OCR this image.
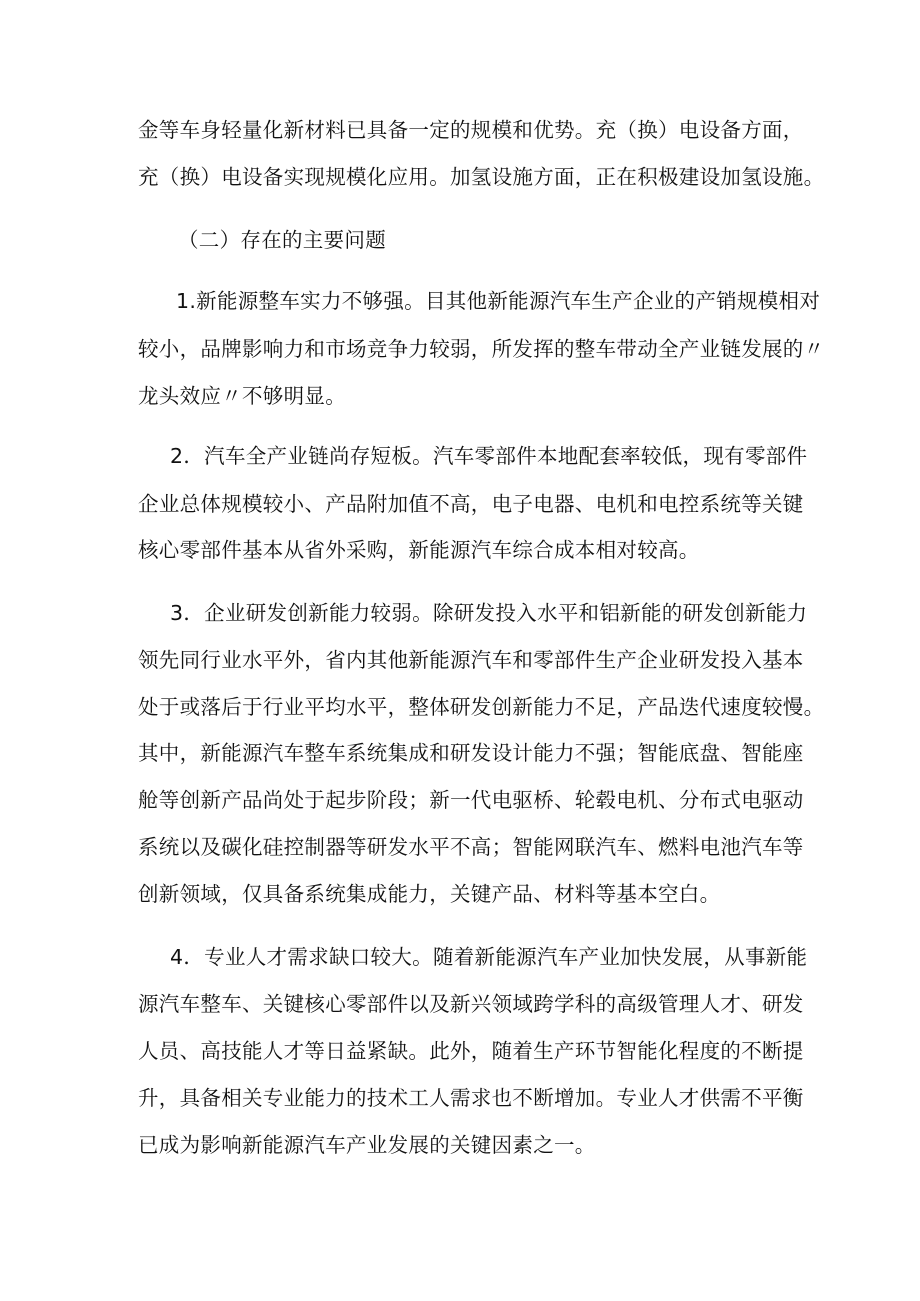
金等车身轻量化新材料已具备一定的规模和优势。充（换）电设备方面，
充（换）电设备实现规模化应用。加氢设施方面，正在积极建设加氢设施。
（二）存在的主要问题
1.新能源整车实力不够强。目其他新能源汽车生产企业的产销规模相对
较小，品牌影响力和市场竞争力较弱，所发挥的整车带动全产业链发展的〃
龙头效应〃不够明显。
2．汽车全产业链尚存短板。汽车零部件本地配套率较低，现有零部件
企业总体规模较小、产品附加值不高，电子电器、电机和电控系统等关键
核心零部件基本从省外采购，新能源汽车综合成本相对较高。
3．企业研发创新能力较弱。除研发投入水平和铝新能的研发创新能力
领先同行业水平外，省内其他新能源汽车和零部件生产企业研发投入基本
处于或落后于行业平均水平，整体研发创新能力不足，产品迭代速度较慢。
其中，新能源汽车整车系统集成和研发设计能力不强；智能底盘、智能座
舱等创新产品尚处于起步阶段；新一代电驱桥、轮毂电机、分布式电驱动
系统以及碳化硅控制器等研发水平不高；智能网联汽车、燃料电池汽车等
创新领域，仅具备系统集成能力，关键产品、材料等基本空白。
4．专业人才需求缺口较大。随着新能源汽车产业加快发展，从事新能
源汽车整车、关键核心零部件以及新兴领域跨学科的高级管理人才、研发
人员、高技能人才等日益紧缺。此外，随着生产环节智能化程度的不断提
升，具备相关专业能力的技术工人需求也不断增加。专业人才供需不平衡
已成为影响新能源汽车产业发展的关键因素之一。
